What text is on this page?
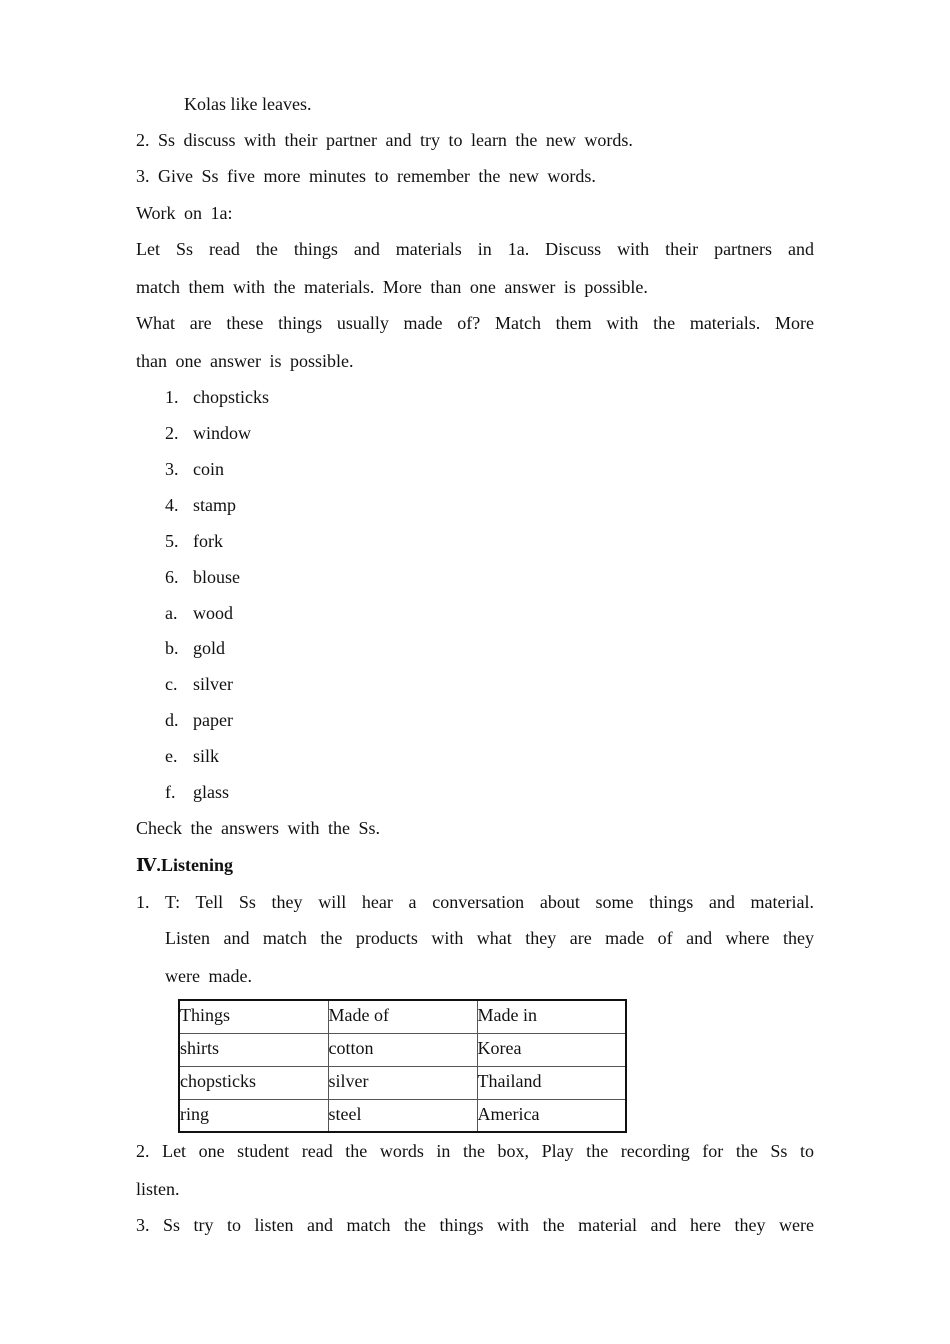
Kolas like leaves.
2. Ss discuss with their partner and try to learn the new words.
3. Give Ss five more minutes to remember the new words.
Work on 1a:
Let Ss read the things and materials in 1a. Discuss with their partners and
match them with the materials. More than one answer is possible.
What are these things usually made of? Match them with the materials. More
than one answer is possible.
1. chopsticks
2. window
3. coin
4. stamp
5. fork
6. blouse
a. wood
b. gold
c. silver
d. paper
e. silk
f. glass
Check the answers with the Ss.
Ⅳ.Listening
1. T: Tell Ss they will hear a conversation about some things and material.
Listen and match the products with what they are made of and where they
were made.
Things	Made of	Made in
shirts	cotton	Korea
chopsticks	silver	Thailand
ring	steel	America
2. Let one student read the words in the box, Play the recording for the Ss to
listen.
3. Ss try to listen and match the things with the material and here they were
